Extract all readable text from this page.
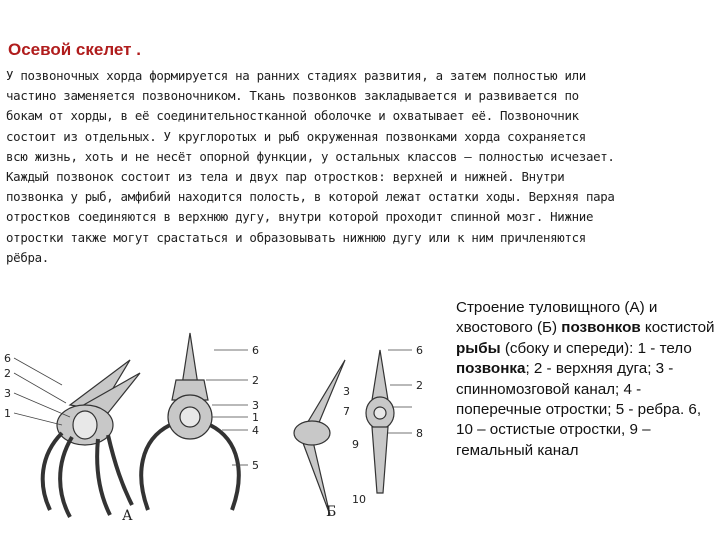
Осевой скелет .
У позвоночных хорда формируется на ранних стадиях развития, а затем полностью или
частино заменяется позвоночником. Ткань позвонков закладывается и развивается по
бокам от хорды, в её соединительностканной оболочке и охватывает её. Позвоночник
состоит из отдельных. У круглоротых и рыб окруженная позвонками хорда сохраняется
всю жизнь, хоть и не несёт опорной функции, у остальных классов – полностью исчезает.
Каждый позвонок состоит из тела и двух пар отростков: верхней и нижней. Внутри
позвонка у рыб, амфибий находится полость, в которой лежат остатки ходы. Верхняя пара
отростков соединяются в верхнюю дугу, внутри которой проходит спинной мозг. Нижние
отростки также могут срастаться и образовывать нижнюю дугу или к ним причленяются
рёбра.
Строение туловищного (А) и хвостового (Б) позвонков костистой рыбы (сбоку и спереди): 1 - тело позвонка; 2 - верхняя дуга; 3 - спинномозговой канал; 4 - поперечные отростки; 5 - ребра. 6, 10 – остистые отростки, 9 – гемальный канал
6
2
3
1
6
2
3
1
4
5
3
7
9
6
2
8
10
А	Б
